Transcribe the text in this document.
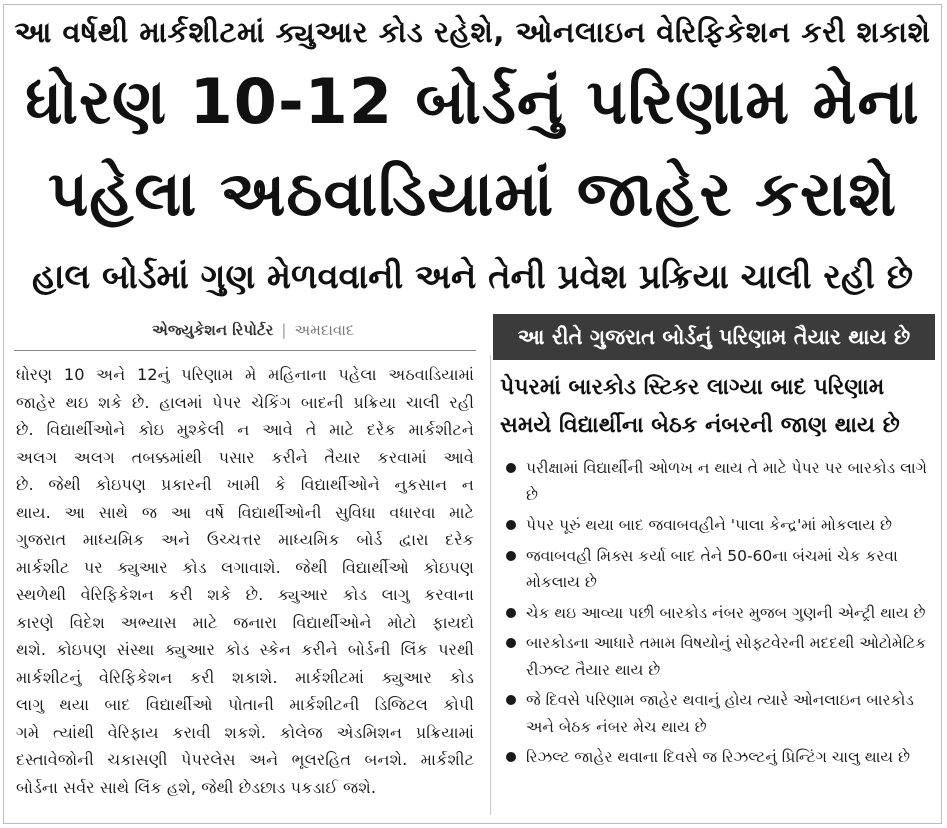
આ વર્ષથી માર્કશીટમાં ક્યુઆર કોડ રહેશે, ઓનલાઇન વેરિફિકેશન કરી શકાશે
ધોરણ 10-12 બોર્ડનું પરિણામ મેના
પહેલા અઠવાડિયામાં જાહેર કરાશે
હાલ બોર્ડમાં ગુણ મેળવવાની અને તેની પ્રવેશ પ્રક્રિયા ચાલી રહી છે
એજ્યુકેશન રિપોર્ટર | અમદાવાદ
ધોરણ 10 અને 12નું પરિણામ મે મહિનાના પહેલા અઠવાડિયામાં
જાહેર થઇ શકે છે. હાલમાં પેપર ચેકિંગ બાદની પ્રક્રિયા ચાલી રહી
છે. વિદ્યાર્થીઓને કોઇ મુશ્કેલી ન આવે તે માટે દરેક માર્કશીટને
અલગ અલગ તબક્કમાંથી પસાર કરીને તૈયાર કરવામાં આવે
છે. જેથી કોઇપણ પ્રકારની ખામી કે વિદ્યાર્થીઓને નુકસાન ન
થાય. આ સાથે જ આ વર્ષે વિદ્યાર્થીઓની સુવિધા વધારવા માટે
ગુજરાત માધ્યમિક અને ઉચ્ચત્તર માધ્યમિક બોર્ડ દ્વારા દરેક
માર્કશીટ પર ક્યુઆર કોડ લગાવાશે. જેથી વિદ્યાર્થીઓ કોઇપણ
સ્થળેથી વેરિફિકેશન કરી શકે છે. ક્યુઆર કોડ લાગુ કરવાના
કારણે વિદેશ અભ્યાસ માટે જનારા વિદ્યાર્થીઓને મોટો ફાયદો
થશે. કોઇપણ સંસ્થા ક્યુઆર કોડ સ્કેન કરીને બોર્ડની લિંક પરથી
માર્કશીટનું વેરિફિકેશન કરી શકાશે. માર્કશીટમાં ક્યુઆર કોડ
લાગુ થયા બાદ વિદ્યાર્થીઓ પોતાની માર્કશીટની ડિજિટલ કોપી
ગમે ત્યાંથી વેરિફાય કરાવી શકશે. કોલેજ એડમિશન પ્રક્રિયામાં
દસ્તાવેજોની ચકાસણી પેપરલેસ અને ભૂલરહિત બનશે. માર્કશીટ
બોર્ડના સર્વર સાથે લિંક હશે, જેથી છેડછાડ પકડાઈ જશે.
આ રીતે ગુજરાત બોર્ડનું પરિણામ તૈયાર થાય છે
પેપરમાં બારકોડ સ્ટિકર લાગ્યા બાદ પરિણામ
સમયે વિદ્યાર્થીના બેઠક નંબરની જાણ થાય છે
પરીક્ષામાં વિદ્યાર્થીની ઓળખ ન થાય તે માટે પેપર પર બારકોડ લાગે છે
પેપર પૂરું થયા બાદ જવાબવહીને 'પાલા કેન્દ્ર'માં મોકલાય છે
જવાબવહી મિક્સ કર્યા બાદ તેને 50-60ના બંચમાં ચેક કરવા મોકલાય છે
ચેક થઇ આવ્યા પછી બારકોડ નંબર મુજબ ગુણની એન્ટ્રી થાય છે
બારકોડના આધારે તમામ વિષયોનું સોફ્ટવેરની મદદથી ઓટોમેટિક રીઝલ્ટ તૈયાર થાય છે
જે દિવસે પરિણામ જાહેર થવાનું હોય ત્યારે ઓનલાઇન બારકોડ અને બેઠક નંબર મેચ થાય છે
રિઝલ્ટ જાહેર થવાના દિવસે જ રિઝલ્ટનું પ્રિન્ટિંગ ચાલુ થાય છે
